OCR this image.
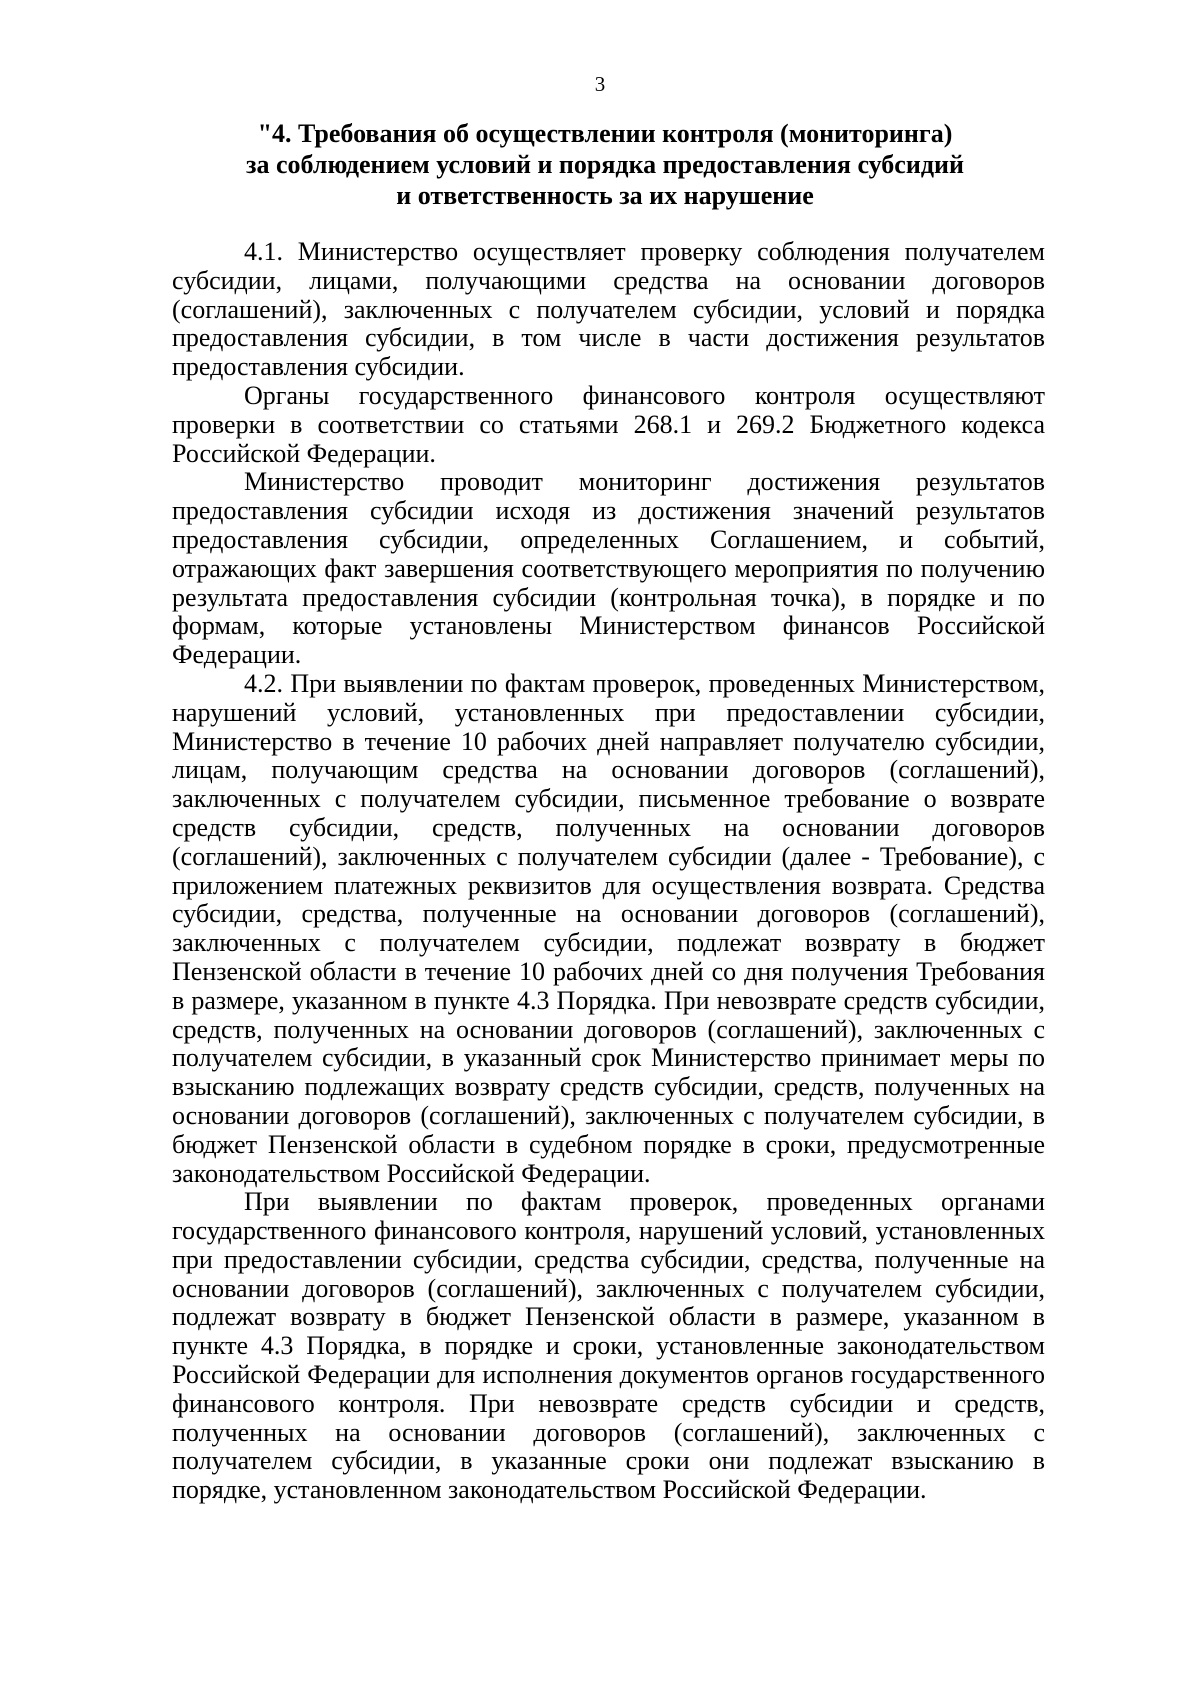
3
"4. Требования об осуществлении контроля (мониторинга)
за соблюдением условий и порядка предоставления субсидий
и ответственность за их нарушение

4.1. Министерство осуществляет проверку соблюдения получателем субсидии, лицами, получающими средства на основании договоров (соглашений), заключенных с получателем субсидии, условий и порядка предоставления субсидии, в том числе в части достижения результатов предоставления субсидии.

Органы государственного финансового контроля осуществляют проверки в соответствии со статьями 268.1 и 269.2 Бюджетного кодекса Российской Федерации.

Министерство проводит мониторинг достижения результатов предоставления субсидии исходя из достижения значений результатов предоставления субсидии, определенных Соглашением, и событий, отражающих факт завершения соответствующего мероприятия по получению результата предоставления субсидии (контрольная точка), в порядке и по формам, которые установлены Министерством финансов Российской Федерации.

4.2. При выявлении по фактам проверок, проведенных Министерством, нарушений условий, установленных при предоставлении субсидии, Министерство в течение 10 рабочих дней направляет получателю субсидии, лицам, получающим средства на основании договоров (соглашений), заключенных с получателем субсидии, письменное требование о возврате средств субсидии, средств, полученных на основании договоров (соглашений), заключенных с получателем субсидии (далее - Требование), с приложением платежных реквизитов для осуществления возврата. Средства субсидии, средства, полученные на основании договоров (соглашений), заключенных с получателем субсидии, подлежат возврату в бюджет Пензенской области в течение 10 рабочих дней со дня получения Требования в размере, указанном в пункте 4.3 Порядка. При невозврате средств субсидии, средств, полученных на основании договоров (соглашений), заключенных с получателем субсидии, в указанный срок Министерство принимает меры по взысканию подлежащих возврату средств субсидии, средств, полученных на основании договоров (соглашений), заключенных с получателем субсидии, в бюджет Пензенской области в судебном порядке в сроки, предусмотренные законодательством Российской Федерации.

При выявлении по фактам проверок, проведенных органами государственного финансового контроля, нарушений условий, установленных при предоставлении субсидии, средства субсидии, средства, полученные на основании договоров (соглашений), заключенных с получателем субсидии, подлежат возврату в бюджет Пензенской области в размере, указанном в пункте 4.3 Порядка, в порядке и сроки, установленные законодательством Российской Федерации для исполнения документов органов государственного финансового контроля. При невозврате средств субсидии и средств, полученных на основании договоров (соглашений), заключенных с получателем субсидии, в указанные сроки они подлежат взысканию в порядке, установленном законодательством Российской Федерации.
